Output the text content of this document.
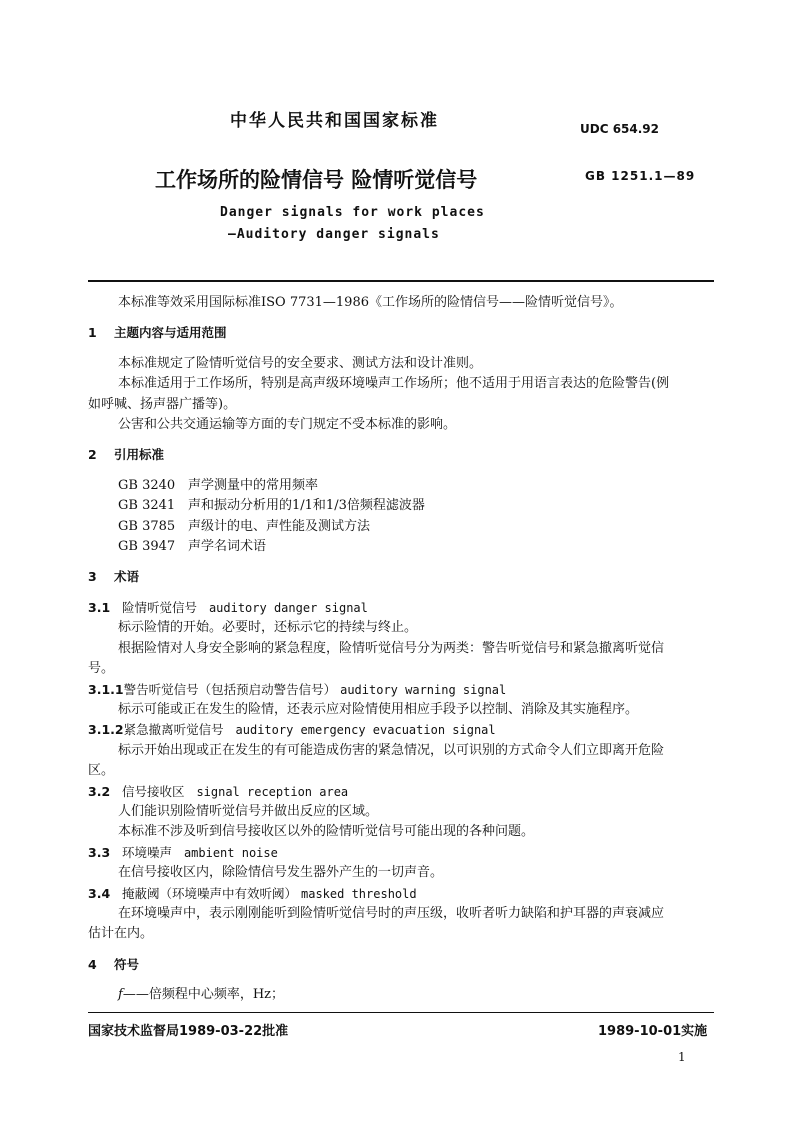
中华人民共和国国家标准	UDC 654.92
工作场所的险情信号 险情听觉信号	GB 1251.1—89
Danger signals for work places
—Auditory danger signals

本标准等效采用国际标准ISO 7731—1986《工作场所的险情信号——险情听觉信号》。

1 主题内容与适用范围

本标准规定了险情听觉信号的安全要求、测试方法和设计准则。

本标准适用于工作场所，特别是高声级环境噪声工作场所；他不适用于用语言表达的危险警告(例

如呼喊、扬声器广播等)。

公害和公共交通运输等方面的专门规定不受本标准的影响。

2 引用标准

GB 3240 声学测量中的常用频率

GB 3241 声和振动分析用的1/1和1/3倍频程滤波器

GB 3785 声级计的电、声性能及测试方法

GB 3947 声学名词术语

3 术语

3.1 险情听觉信号 auditory danger signal

标示险情的开始。必要时，还标示它的持续与终止。

根据险情对人身安全影响的紧急程度，险情听觉信号分为两类：警告听觉信号和紧急撤离听觉信

号。

3.1.1警告听觉信号（包括预启动警告信号） auditory warning signal

标示可能或正在发生的险情，还表示应对险情使用相应手段予以控制、消除及其实施程序。

3.1.2紧急撤离听觉信号 auditory emergency evacuation signal

标示开始出现或正在发生的有可能造成伤害的紧急情况，以可识别的方式命令人们立即离开危险

区。

3.2 信号接收区 signal reception area

人们能识别险情听觉信号并做出反应的区域。

本标准不涉及听到信号接收区以外的险情听觉信号可能出现的各种问题。

3.3 环境噪声 ambient noise

在信号接收区内，除险情信号发生器外产生的一切声音。

3.4 掩蔽阈（环境噪声中有效听阈） masked threshold

在环境噪声中，表示刚刚能听到险情听觉信号时的声压级，收听者听力缺陷和护耳器的声衰减应

估计在内。

4 符号

f——倍频程中心频率，Hz；

国家技术监督局1989-03-22批准	1989-10-01实施
1
